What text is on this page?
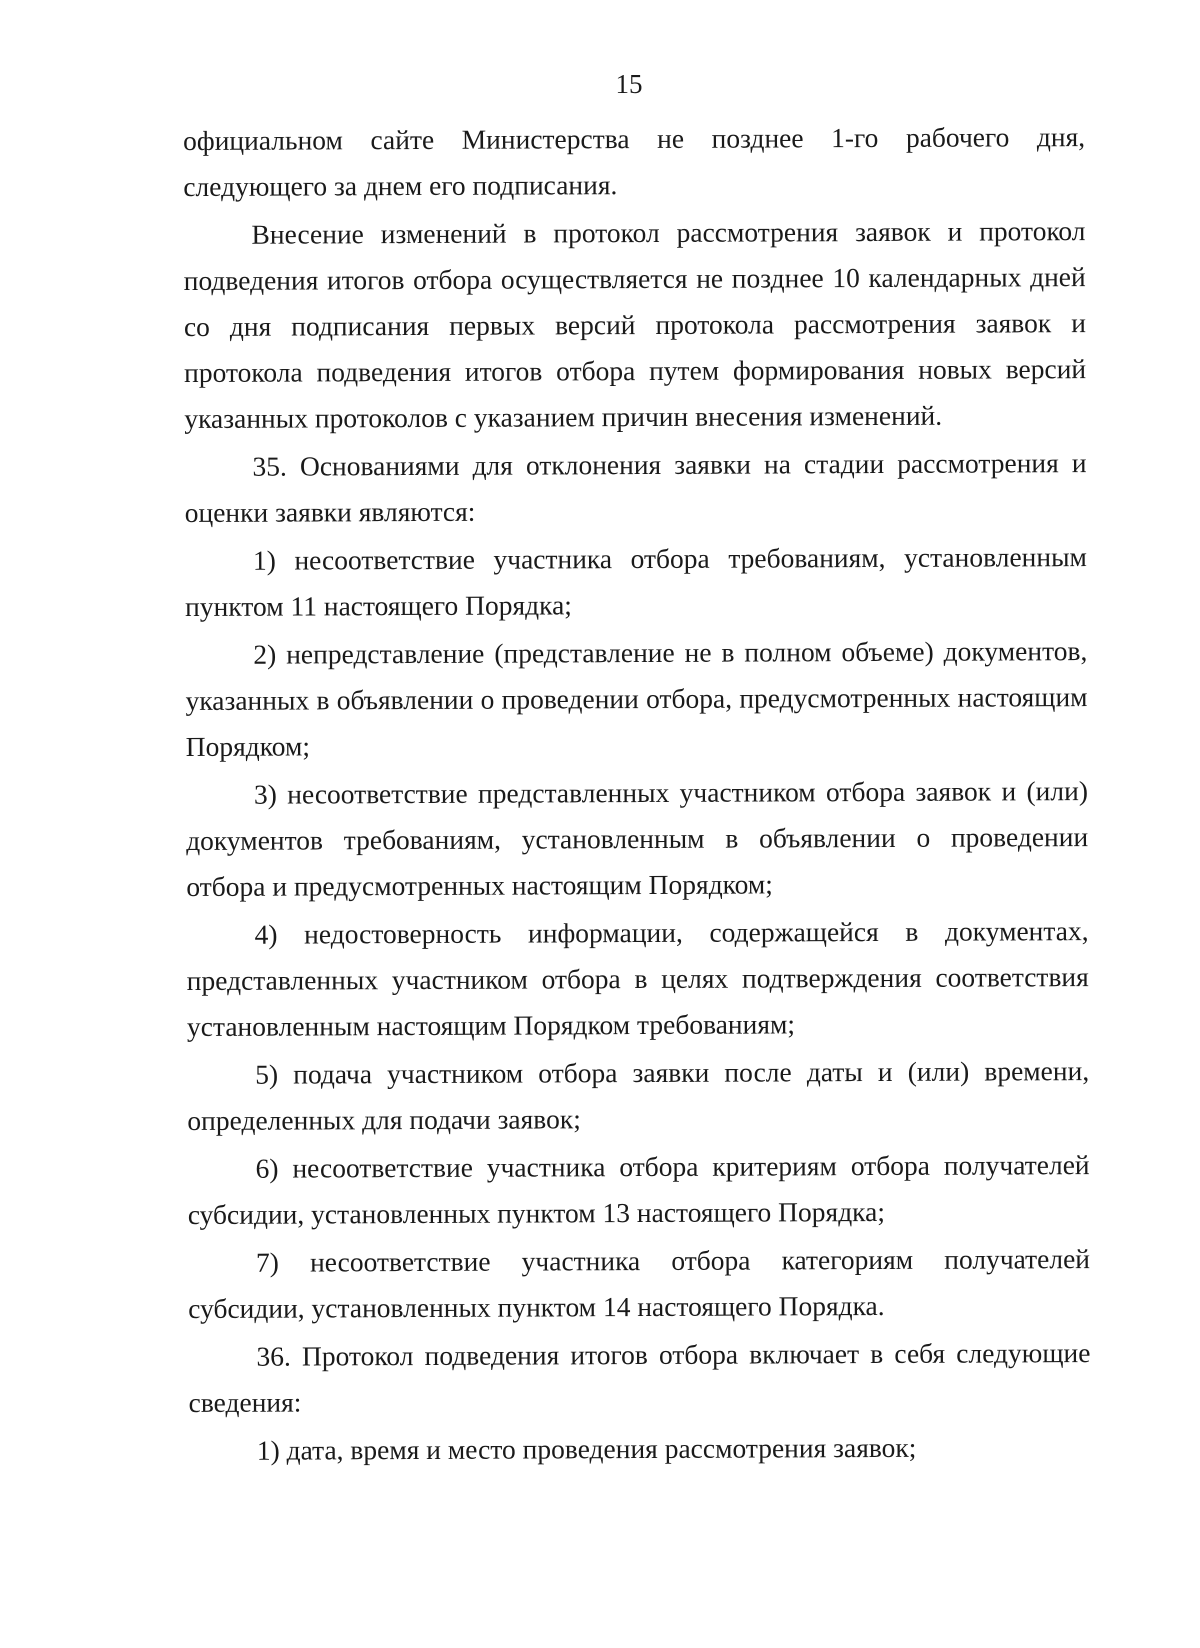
15

официальном сайте Министерства не позднее 1-го рабочего дня, следующего за днем его подписания.

Внесение изменений в протокол рассмотрения заявок и протокол подведения итогов отбора осуществляется не позднее 10 календарных дней со дня подписания первых версий протокола рассмотрения заявок и протокола подведения итогов отбора путем формирования новых версий указанных протоколов с указанием причин внесения изменений.

35. Основаниями для отклонения заявки на стадии рассмотрения и оценки заявки являются:

1) несоответствие участника отбора требованиям, установленным пунктом 11 настоящего Порядка;

2) непредставление (представление не в полном объеме) документов, указанных в объявлении о проведении отбора, предусмотренных настоящим Порядком;

3) несоответствие представленных участником отбора заявок и (или) документов требованиям, установленным в объявлении о проведении отбора и предусмотренных настоящим Порядком;

4) недостоверность информации, содержащейся в документах, представленных участником отбора в целях подтверждения соответствия установленным настоящим Порядком требованиям;

5) подача участником отбора заявки после даты и (или) времени, определенных для подачи заявок;

6) несоответствие участника отбора критериям отбора получателей субсидии, установленных пунктом 13 настоящего Порядка;

7) несоответствие участника отбора категориям получателей субсидии, установленных пунктом 14 настоящего Порядка.

36. Протокол подведения итогов отбора включает в себя следующие сведения:

1) дата, время и место проведения рассмотрения заявок;
